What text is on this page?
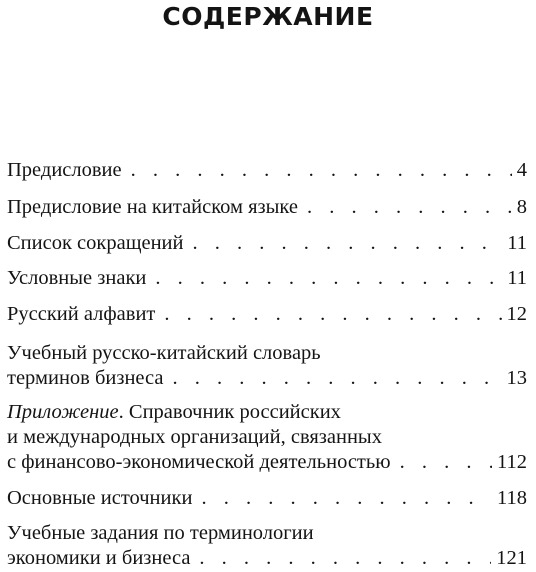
СОДЕРЖАНИЕ
Предисловие . . .	4
Предисловие на китайском языке . . .	8
Список сокращений . . .	11
Условные знаки . . .	11
Русский алфавит . . .	12
Учебный русско-китайский словарь
терминов бизнеса . . .	13
Приложение. Справочник российских
и международных организаций, связанных
с финансово-экономической деятельностью . . .	112
Основные источники . . .	118
Учебные задания по терминологии
экономики и бизнеса . . .	121
